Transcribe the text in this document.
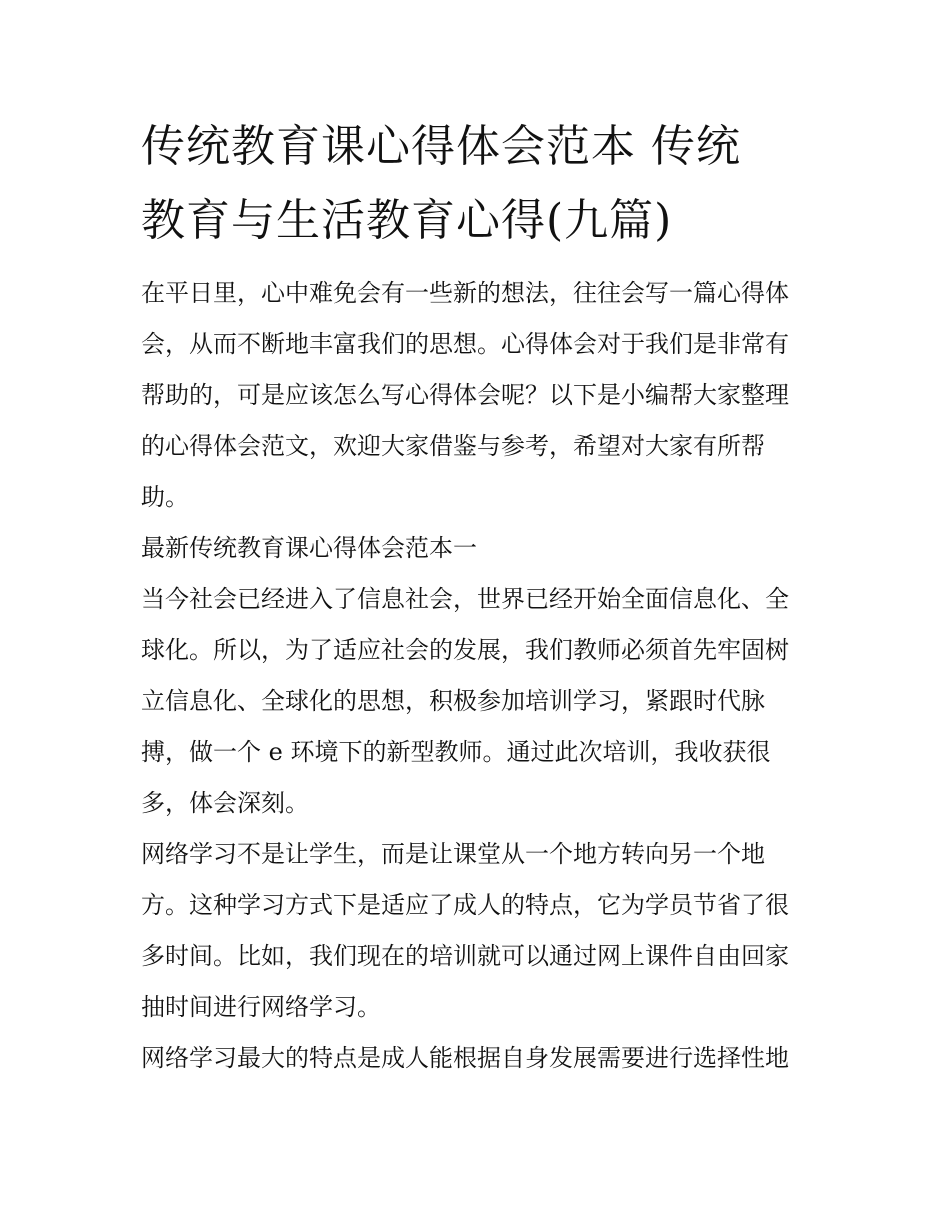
传统教育课心得体会范本 传统
教育与生活教育心得(九篇)
在平日里，心中难免会有一些新的想法，往往会写一篇心得体
会，从而不断地丰富我们的思想。心得体会对于我们是非常有
帮助的，可是应该怎么写心得体会呢？以下是小编帮大家整理
的心得体会范文，欢迎大家借鉴与参考，希望对大家有所帮
助。
最新传统教育课心得体会范本一
当今社会已经进入了信息社会，世界已经开始全面信息化、全
球化。所以，为了适应社会的发展，我们教师必须首先牢固树
立信息化、全球化的思想，积极参加培训学习，紧跟时代脉
搏，做一个 e 环境下的新型教师。通过此次培训，我收获很
多，体会深刻。
网络学习不是让学生，而是让课堂从一个地方转向另一个地
方。这种学习方式下是适应了成人的特点，它为学员节省了很
多时间。比如，我们现在的培训就可以通过网上课件自由回家
抽时间进行网络学习。
网络学习最大的特点是成人能根据自身发展需要进行选择性地
